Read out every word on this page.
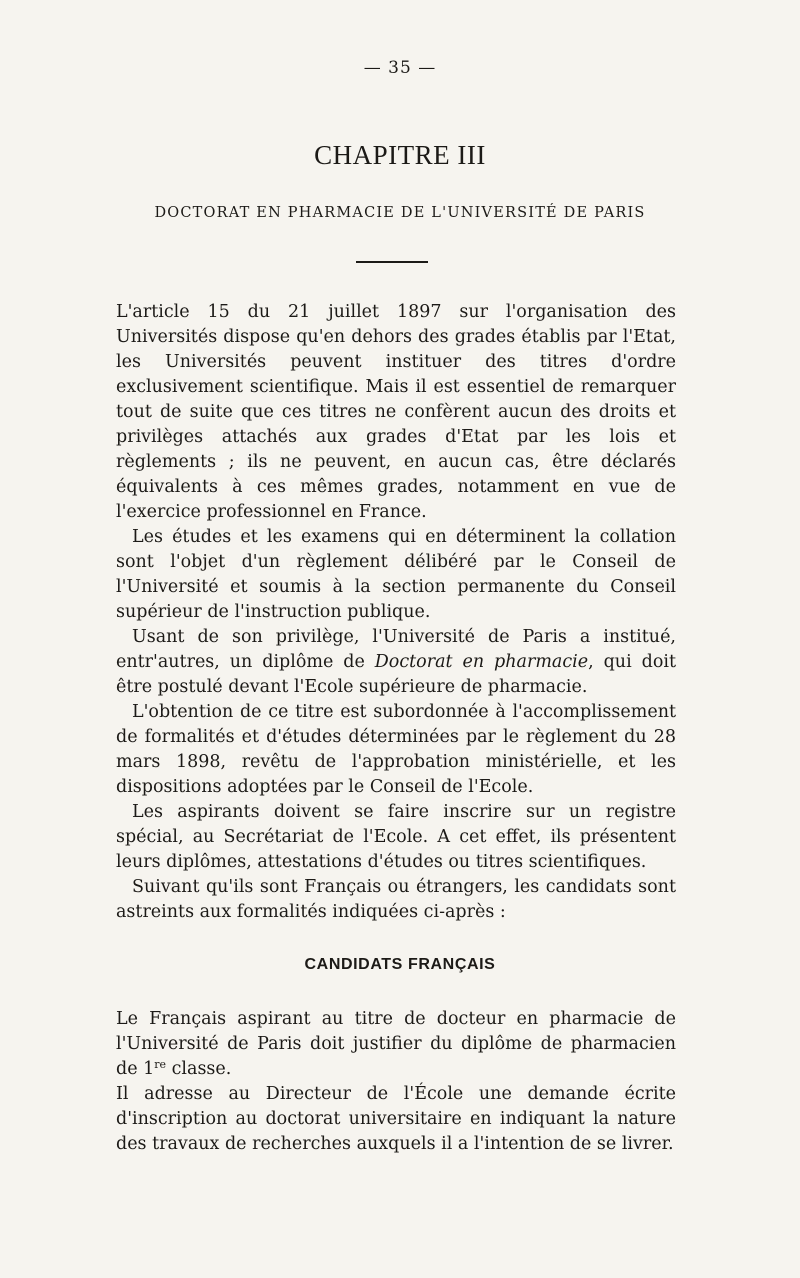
— 35 —
CHAPITRE III
DOCTORAT EN PHARMACIE DE L'UNIVERSITÉ DE PARIS

L'article 15 du 21 juillet 1897 sur l'organisation des Universités dispose qu'en dehors des grades établis par l'Etat, les Universités peuvent instituer des titres d'ordre exclusivement scientifique. Mais il est essentiel de remarquer tout de suite que ces titres ne confèrent aucun des droits et privilèges attachés aux grades d'Etat par les lois et règlements ; ils ne peuvent, en aucun cas, être déclarés équivalents à ces mêmes grades, notamment en vue de l'exercice professionnel en France.

Les études et les examens qui en déterminent la collation sont l'objet d'un règlement délibéré par le Conseil de l'Université et soumis à la section permanente du Conseil supérieur de l'instruction publique.

Usant de son privilège, l'Université de Paris a institué, entr'autres, un diplôme de Doctorat en pharmacie, qui doit être postulé devant l'Ecole supérieure de pharmacie.

L'obtention de ce titre est subordonnée à l'accomplissement de formalités et d'études déterminées par le règlement du 28 mars 1898, revêtu de l'approbation ministérielle, et les dispositions adoptées par le Conseil de l'Ecole.

Les aspirants doivent se faire inscrire sur un registre spécial, au Secrétariat de l'Ecole. A cet effet, ils présentent leurs diplômes, attestations d'études ou titres scientifiques.

Suivant qu'ils sont Français ou étrangers, les candidats sont astreints aux formalités indiquées ci-après :

CANDIDATS FRANÇAIS

Le Français aspirant au titre de docteur en pharmacie de l'Université de Paris doit justifier du diplôme de pharmacien de 1re classe.

Il adresse au Directeur de l'École une demande écrite d'inscription au doctorat universitaire en indiquant la nature des travaux de recherches auxquels il a l'intention de se livrer.
